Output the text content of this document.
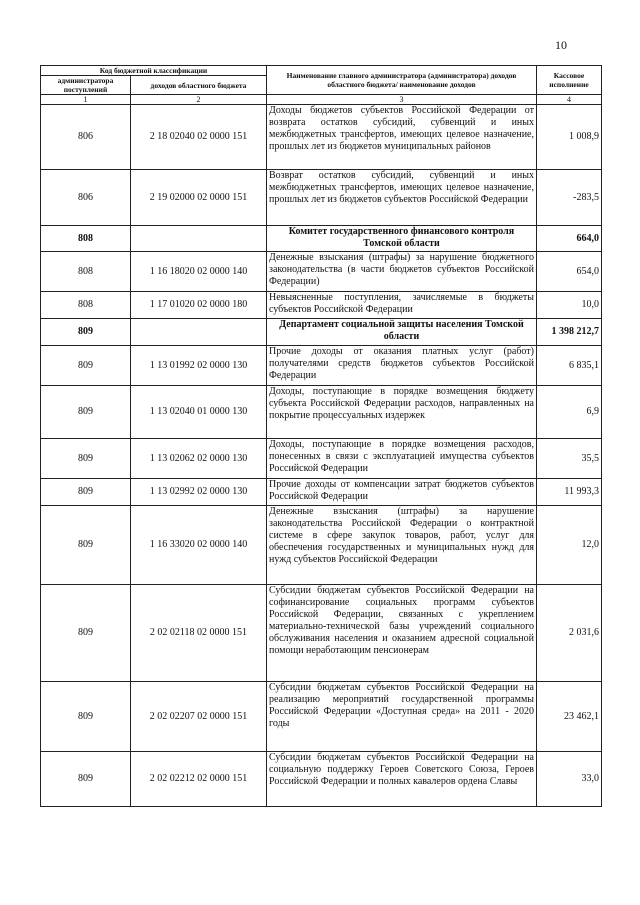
10
Код бюджетной классификации		Наименование главного администратора (администратора) доходов областного бюджета/ наименование доходов	Кассовое исполнение
администратора поступлений	доходов областного бюджета		
1	2	3	4
806	2 18 02040 02 0000 151	Доходы бюджетов субъектов Российской Федерации от возврата остатков субсидий, субвенций и иных межбюджетных трансфертов, имеющих целевое назначение, прошлых лет из бюджетов муниципальных районов	1 008,9
806	2 19 02000 02 0000 151	Возврат остатков субсидий, субвенций и иных межбюджетных трансфертов, имеющих целевое назначение, прошлых лет из бюджетов субъектов Российской Федерации	-283,5
808		Комитет государственного финансового контроля Томской области	664,0
808	1 16 18020 02 0000 140	Денежные взыскания (штрафы) за нарушение бюджетного законодательства (в части бюджетов субъектов Российской Федерации)	654,0
808	1 17 01020 02 0000 180	Невыясненные поступления, зачисляемые в бюджеты субъектов Российской Федерации	10,0
809		Департамент социальной защиты населения Томской области	1 398 212,7
809	1 13 01992 02 0000 130	Прочие доходы от оказания платных услуг (работ) получателями средств бюджетов субъектов Российской Федерации	6 835,1
809	1 13 02040 01 0000 130	Доходы, поступающие в порядке возмещения бюджету субъекта Российской Федерации расходов, направленных на покрытие процессуальных издержек	6,9
809	1 13 02062 02 0000 130	Доходы, поступающие в порядке возмещения расходов, понесенных в связи с эксплуатацией имущества субъектов Российской Федерации	35,5
809	1 13 02992 02 0000 130	Прочие доходы от компенсации затрат бюджетов субъектов Российской Федерации	11 993,3
809	1 16 33020 02 0000 140	Денежные взыскания (штрафы) за нарушение законодательства Российской Федерации о контрактной системе в сфере закупок товаров, работ, услуг для обеспечения государственных и муниципальных нужд для нужд субъектов Российской Федерации	12,0
809	2 02 02118 02 0000 151	Субсидии бюджетам субъектов Российской Федерации на софинансирование социальных программ субъектов Российской Федерации, связанных с укреплением материально-технической базы учреждений социального обслуживания населения и оказанием адресной социальной помощи неработающим пенсионерам	2 031,6
809	2 02 02207 02 0000 151	Субсидии бюджетам субъектов Российской Федерации на реализацию мероприятий государственной программы Российской Федерации «Доступная среда» на 2011 - 2020 годы	23 462,1
809	2 02 02212 02 0000 151	Субсидии бюджетам субъектов Российской Федерации на социальную поддержку Героев Советского Союза, Героев Российской Федерации и полных кавалеров ордена Славы	33,0
